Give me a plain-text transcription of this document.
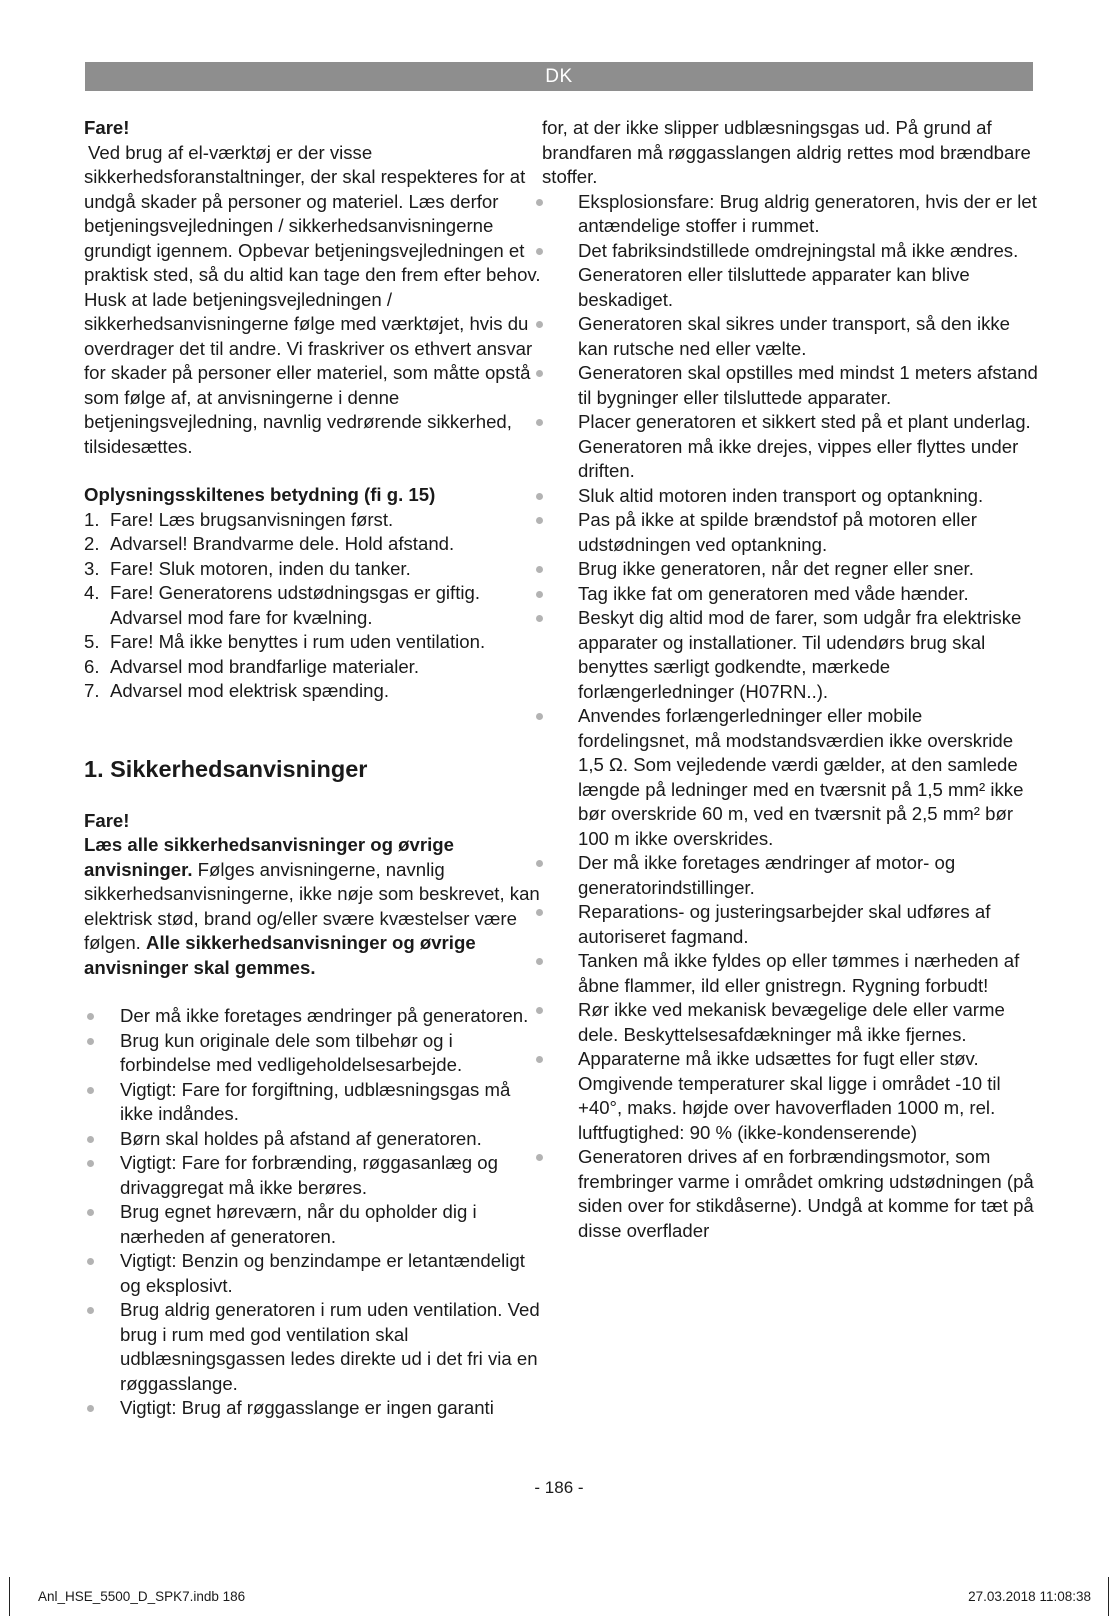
DK
Fare!

Ved brug af el-værktøj er der visse sikkerhedsforanstaltninger, der skal respekteres for at undgå skader på personer og materiel. Læs derfor betjeningsvejledningen / sikkerhedsanvisningerne grundigt igennem. Opbevar betjeningsvejledningen et praktisk sted, så du altid kan tage den frem efter behov. Husk at lade betjeningsvejledningen / sikkerhedsanvisningerne følge med værktøjet, hvis du overdrager det til andre. Vi fraskriver os ethvert ansvar for skader på personer eller materiel, som måtte opstå som følge af, at anvisningerne i denne betjeningsvejledning, navnlig vedrørende sikkerhed, tilsidesættes.

Oplysningsskiltenes betydning (fi g. 15)
1. Fare! Læs brugsanvisningen først.
2. Advarsel! Brandvarme dele. Hold afstand.
3. Fare! Sluk motoren, inden du tanker.
4. Fare! Generatorens udstødningsgas er giftig. Advarsel mod fare for kvælning.
5. Fare! Må ikke benyttes i rum uden ventilation.
6. Advarsel mod brandfarlige materialer.
7. Advarsel mod elektrisk spænding.
1. Sikkerhedsanvisninger
Fare!

Læs alle sikkerhedsanvisninger og øvrige anvisninger. Følges anvisningerne, navnlig sikkerhedsanvisningerne, ikke nøje som beskrevet, kan elektrisk stød, brand og/eller svære kvæstelser være følgen. Alle sikkerhedsanvisninger og øvrige anvisninger skal gemmes.

Der må ikke foretages ændringer på generatoren.
Brug kun originale dele som tilbehør og i forbindelse med vedligeholdelsesarbejde.
Vigtigt: Fare for forgiftning, udblæsningsgas må ikke indåndes.
Børn skal holdes på afstand af generatoren.
Vigtigt: Fare for forbrænding, røggasanlæg og drivaggregat må ikke berøres.
Brug egnet høreværn, når du opholder dig i nærheden af generatoren.
Vigtigt: Benzin og benzindampe er letantændeligt og eksplosivt.
Brug aldrig generatoren i rum uden ventilation. Ved brug i rum med god ventilation skal udblæsningsgassen ledes direkte ud i det fri via en røggasslange.
Vigtigt: Brug af røggasslange er ingen garanti

for, at der ikke slipper udblæsningsgas ud. På grund af brandfaren må røggasslangen aldrig rettes mod brændbare stoffer.

Eksplosionsfare: Brug aldrig generatoren, hvis der er let antændelige stoffer i rummet.
Det fabriksindstillede omdrejningstal må ikke ændres. Generatoren eller tilsluttede apparater kan blive beskadiget.
Generatoren skal sikres under transport, så den ikke kan rutsche ned eller vælte.
Generatoren skal opstilles med mindst 1 meters afstand til bygninger eller tilsluttede apparater.
Placer generatoren et sikkert sted på et plant underlag. Generatoren må ikke drejes, vippes eller flyttes under driften.
Sluk altid motoren inden transport og optankning.
Pas på ikke at spilde brændstof på motoren eller udstødningen ved optankning.
Brug ikke generatoren, når det regner eller sner.
Tag ikke fat om generatoren med våde hænder.
Beskyt dig altid mod de farer, som udgår fra elektriske apparater og installationer. Til udendørs brug skal benyttes særligt godkendte, mærkede forlængerledninger (H07RN..).
Anvendes forlængerledninger eller mobile fordelingsnet, må modstandsværdien ikke overskride 1,5 Ω. Som vejledende værdi gælder, at den samlede længde på ledninger med en tværsnit på 1,5 mm² ikke bør overskride 60 m, ved en tværsnit på 2,5 mm² bør 100 m ikke overskrides.
Der må ikke foretages ændringer af motor- og generatorindstillinger.
Reparations- og justeringsarbejder skal udføres af autoriseret fagmand.
Tanken må ikke fyldes op eller tømmes i nærheden af åbne flammer, ild eller gnistregn. Rygning forbudt!
Rør ikke ved mekanisk bevægelige dele eller varme dele. Beskyttelsesafdækninger må ikke fjernes.
Apparaterne må ikke udsættes for fugt eller støv. Omgivende temperaturer skal ligge i området -10 til +40°, maks. højde over havoverfladen 1000 m, rel. luftfugtighed: 90 % (ikke-kondenserende)
Generatoren drives af en forbrændingsmotor, som frembringer varme i området omkring udstødningen (på siden over for stikdåserne). Undgå at komme for tæt på disse overflader
- 186 -
Anl_HSE_5500_D_SPK7.indb 186	27.03.2018 11:08:38
